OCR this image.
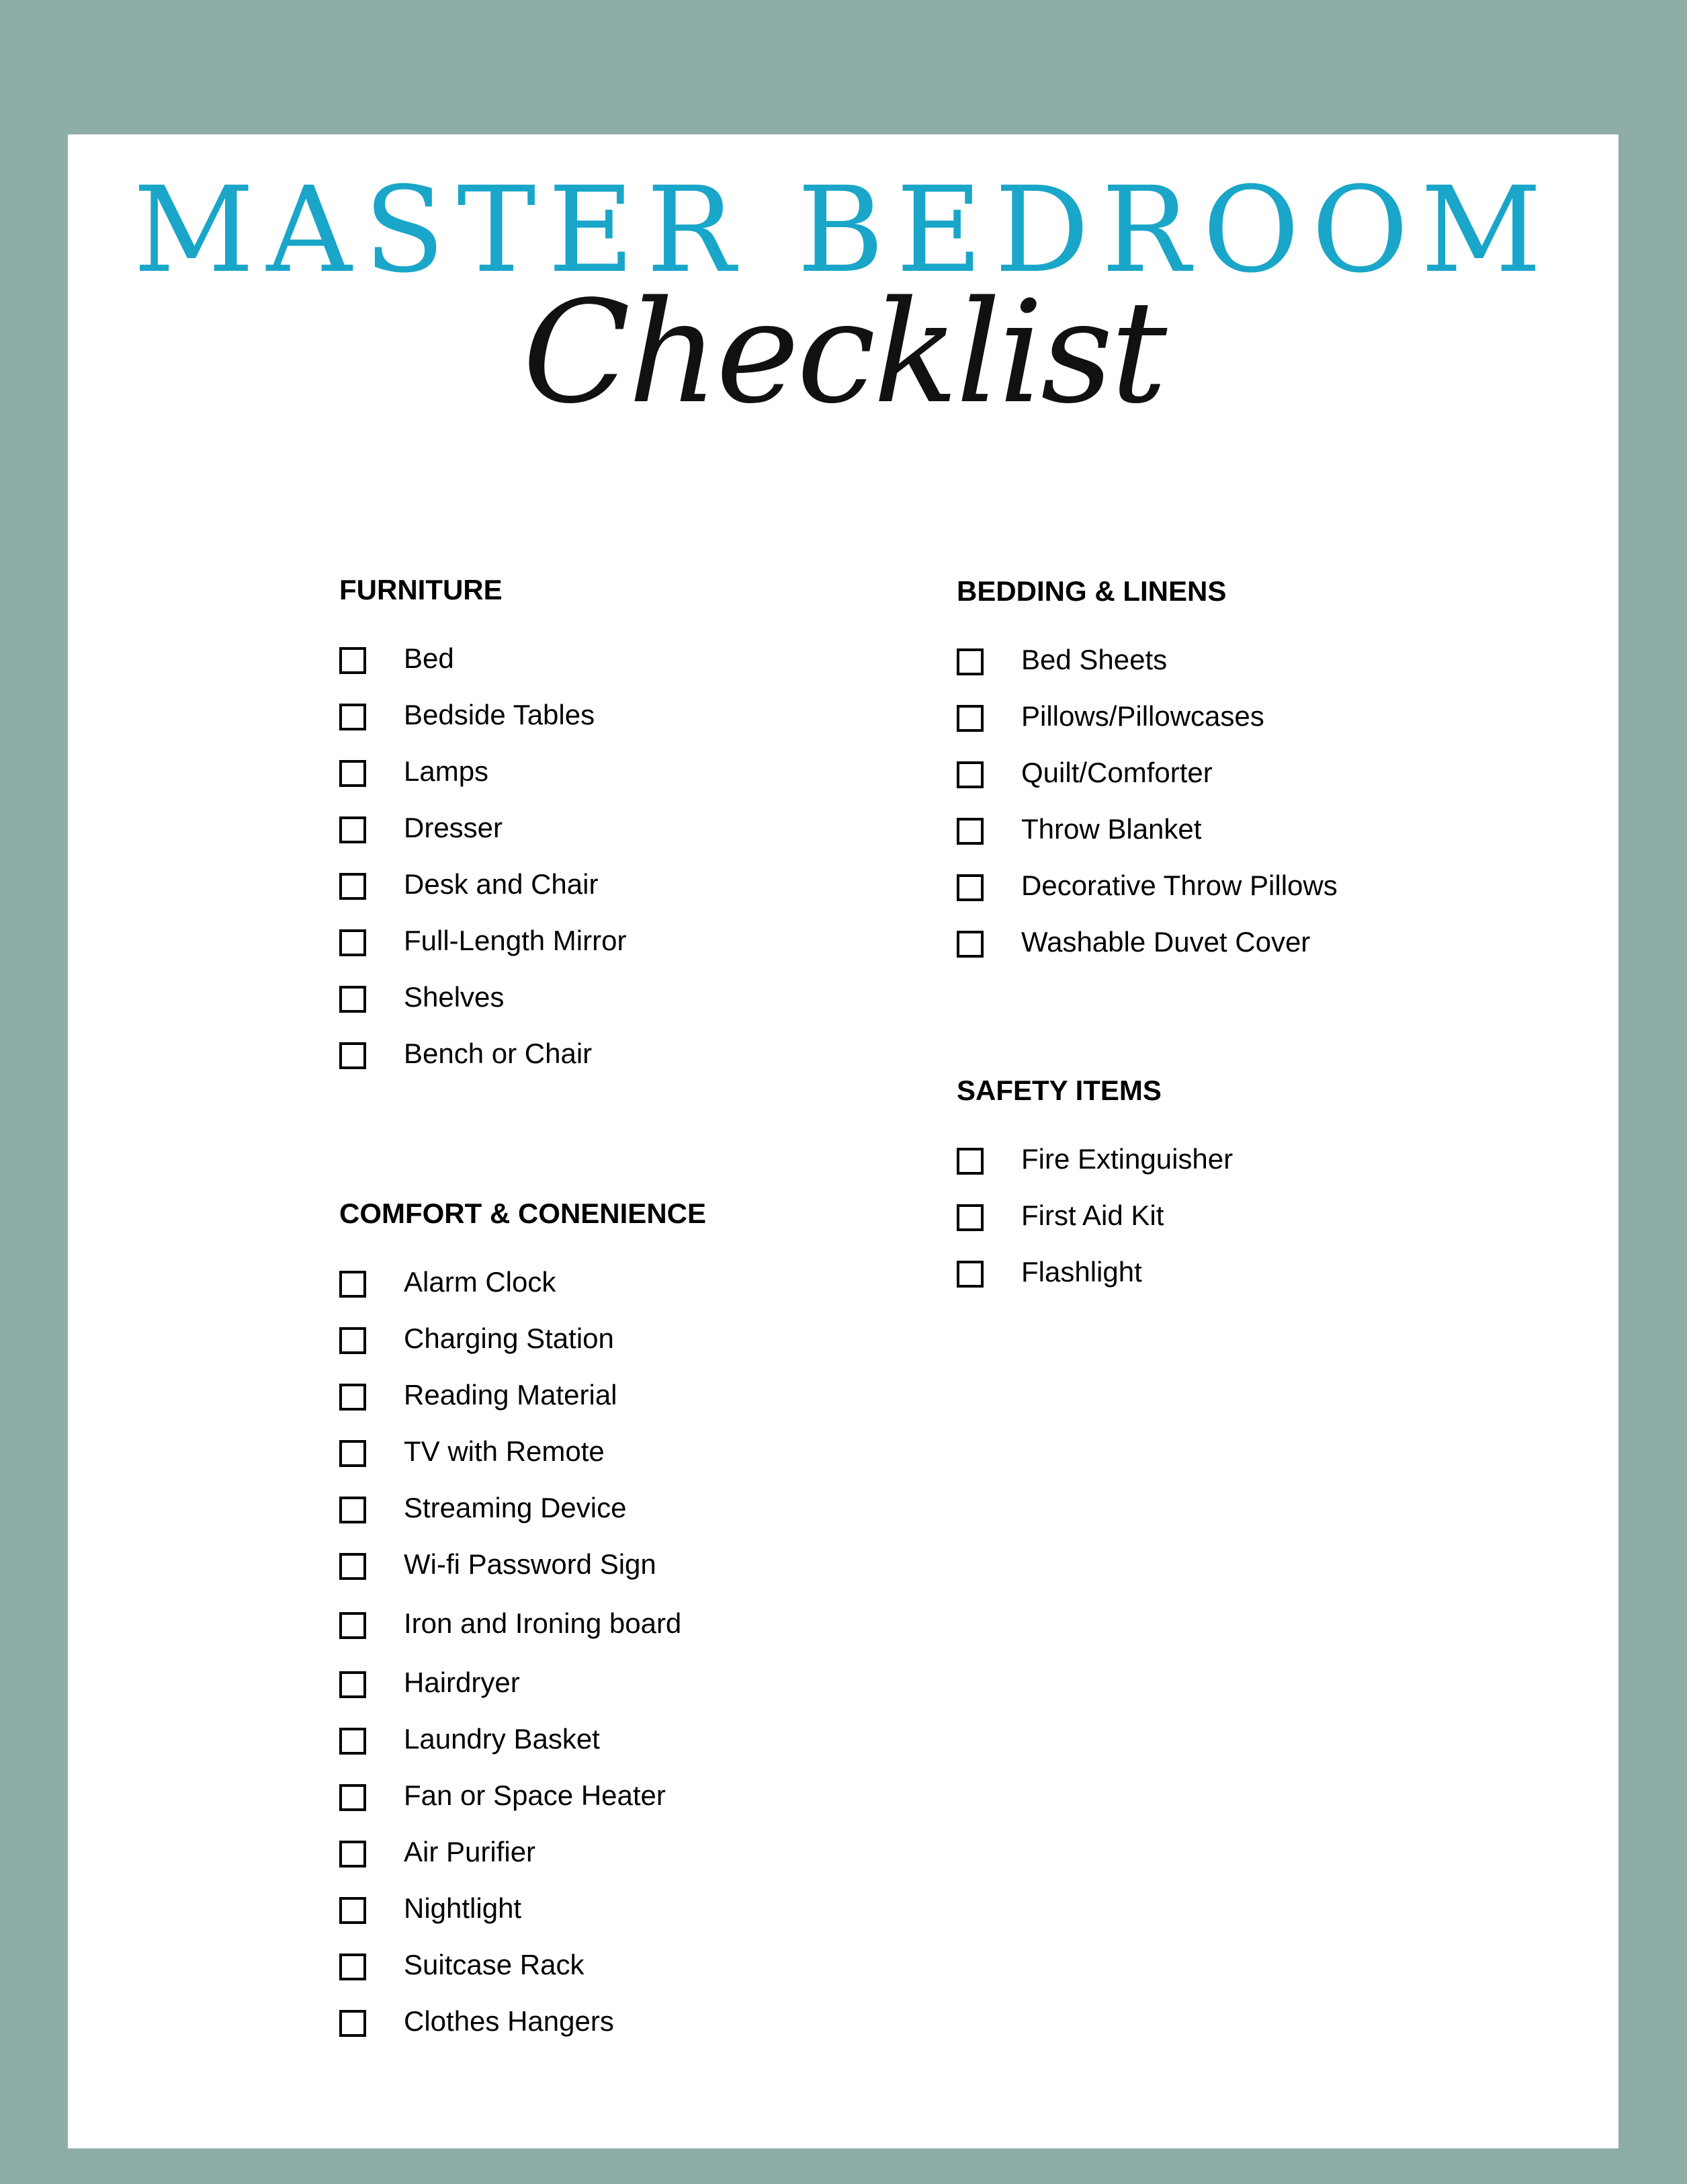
MASTER BEDROOM
Checklist
FURNITURE
Bed
Bedside Tables
Lamps
Dresser
Desk and Chair
Full-Length Mirror
Shelves
Bench or Chair
COMFORT & CONENIENCE
Alarm Clock
Charging Station
Reading Material
TV with Remote
Streaming Device
Wi-fi Password Sign
Iron and Ironing board
Hairdryer
Laundry Basket
Fan or Space Heater
Air Purifier
Nightlight
Suitcase Rack
Clothes Hangers
BEDDING & LINENS
Bed Sheets
Pillows/Pillowcases
Quilt/Comforter
Throw Blanket
Decorative Throw Pillows
Washable Duvet Cover
SAFETY ITEMS
Fire Extinguisher
First Aid Kit
Flashlight
